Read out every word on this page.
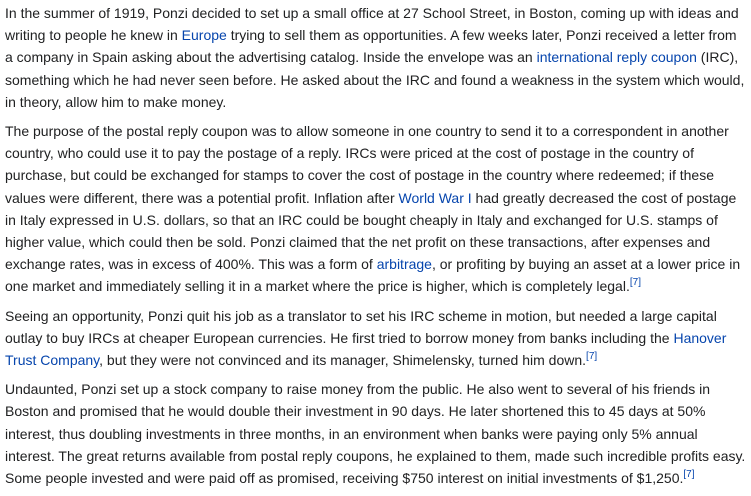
In the summer of 1919, Ponzi decided to set up a small office at 27 School Street, in Boston, coming up with ideas and writing to people he knew in Europe trying to sell them as opportunities. A few weeks later, Ponzi received a letter from a company in Spain asking about the advertising catalog. Inside the envelope was an international reply coupon (IRC), something which he had never seen before. He asked about the IRC and found a weakness in the system which would, in theory, allow him to make money.

The purpose of the postal reply coupon was to allow someone in one country to send it to a correspondent in another country, who could use it to pay the postage of a reply. IRCs were priced at the cost of postage in the country of purchase, but could be exchanged for stamps to cover the cost of postage in the country where redeemed; if these values were different, there was a potential profit. Inflation after World War I had greatly decreased the cost of postage in Italy expressed in U.S. dollars, so that an IRC could be bought cheaply in Italy and exchanged for U.S. stamps of higher value, which could then be sold. Ponzi claimed that the net profit on these transactions, after expenses and exchange rates, was in excess of 400%. This was a form of arbitrage, or profiting by buying an asset at a lower price in one market and immediately selling it in a market where the price is higher, which is completely legal.[7]

Seeing an opportunity, Ponzi quit his job as a translator to set his IRC scheme in motion, but needed a large capital outlay to buy IRCs at cheaper European currencies. He first tried to borrow money from banks including the Hanover Trust Company, but they were not convinced and its manager, Shimelensky, turned him down.[7]

Undaunted, Ponzi set up a stock company to raise money from the public. He also went to several of his friends in Boston and promised that he would double their investment in 90 days. He later shortened this to 45 days at 50% interest, thus doubling investments in three months, in an environment when banks were paying only 5% annual interest. The great returns available from postal reply coupons, he explained to them, made such incredible profits easy. Some people invested and were paid off as promised, receiving $750 interest on initial investments of $1,250.[7]
